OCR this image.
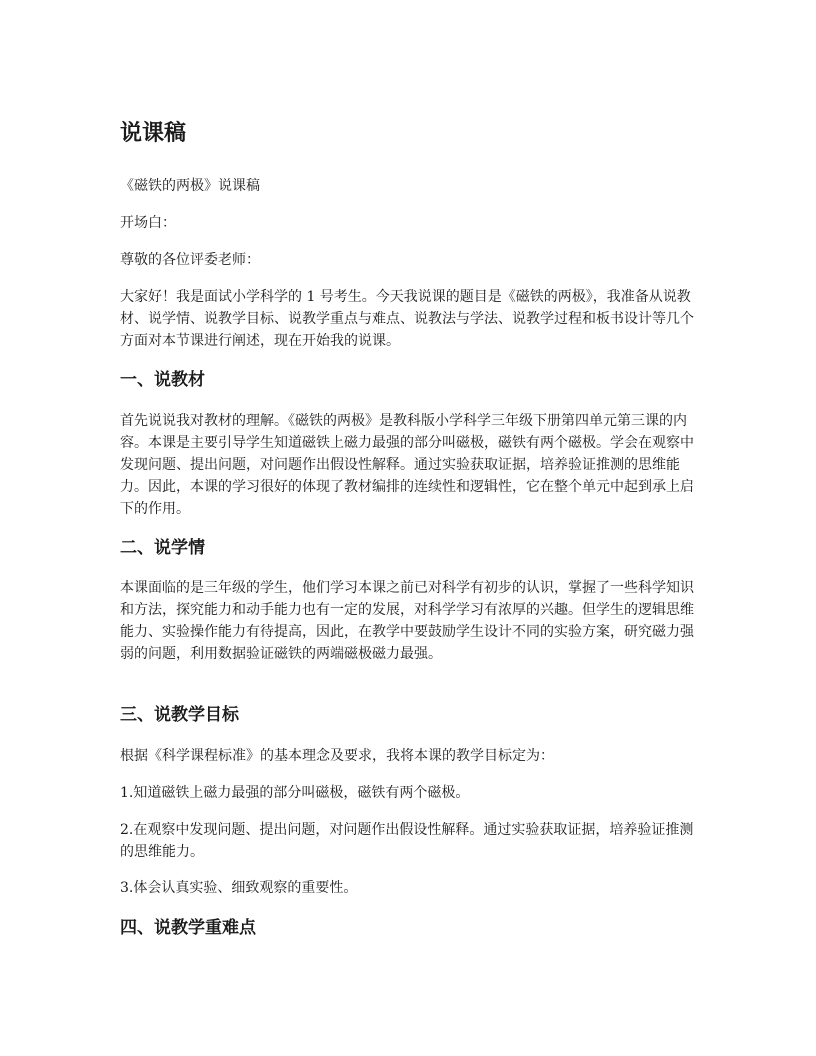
说课稿

《磁铁的两极》说课稿

开场白：

尊敬的各位评委老师：

大家好！我是面试小学科学的 1 号考生。今天我说课的题目是《磁铁的两极》，我准备从说教材、说学情、说教学目标、说教学重点与难点、说教法与学法、说教学过程和板书设计等几个方面对本节课进行阐述，现在开始我的说课。

一、说教材

首先说说我对教材的理解。《磁铁的两极》是教科版小学科学三年级下册第四单元第三课的内容。本课是主要引导学生知道磁铁上磁力最强的部分叫磁极，磁铁有两个磁极。学会在观察中发现问题、提出问题，对问题作出假设性解释。通过实验获取证据，培养验证推测的思维能力。因此，本课的学习很好的体现了教材编排的连续性和逻辑性，它在整个单元中起到承上启下的作用。

二、说学情

本课面临的是三年级的学生，他们学习本课之前已对科学有初步的认识，掌握了一些科学知识和方法，探究能力和动手能力也有一定的发展，对科学学习有浓厚的兴趣。但学生的逻辑思维能力、实验操作能力有待提高，因此，在教学中要鼓励学生设计不同的实验方案，研究磁力强弱的问题，利用数据验证磁铁的两端磁极磁力最强。

三、说教学目标

根据《科学课程标准》的基本理念及要求，我将本课的教学目标定为：

1.知道磁铁上磁力最强的部分叫磁极，磁铁有两个磁极。

2.在观察中发现问题、提出问题，对问题作出假设性解释。通过实验获取证据，培养验证推测的思维能力。

3.体会认真实验、细致观察的重要性。

四、说教学重难点
